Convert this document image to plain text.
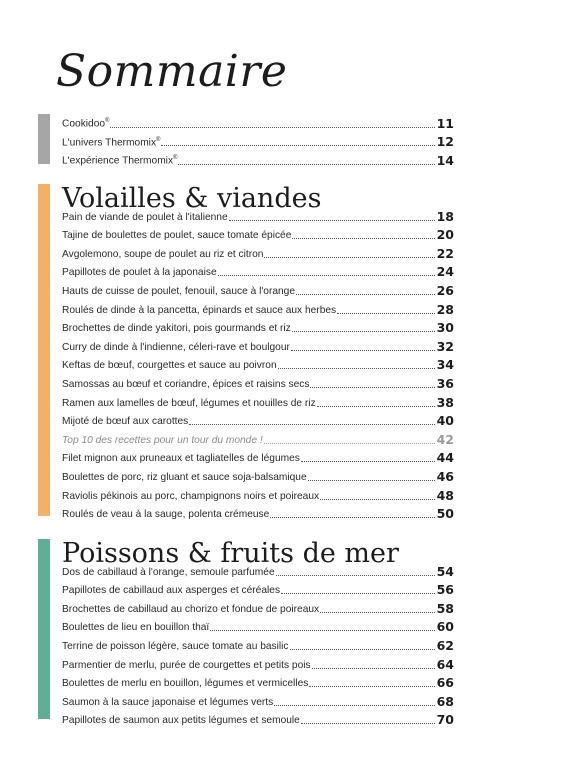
Sommaire
Cookidoo®	11
L'univers Thermomix®	12
L'expérience Thermomix®	14
Volailles & viandes
Pain de viande de poulet à l'italienne	18
Tajine de boulettes de poulet, sauce tomate épicée	20
Avgolemono, soupe de poulet au riz et citron	22
Papillotes de poulet à la japonaise	24
Hauts de cuisse de poulet, fenouil, sauce à l'orange	26
Roulés de dinde à la pancetta, épinards et sauce aux herbes	28
Brochettes de dinde yakitori, pois gourmands et riz	30
Curry de dinde à l'indienne, céleri-rave et boulgour	32
Keftas de bœuf, courgettes et sauce au poivron	34
Samossas au bœuf et coriandre, épices et raisins secs	36
Ramen aux lamelles de bœuf, légumes et nouilles de riz	38
Mijoté de bœuf aux carottes	40
Top 10 des recettes pour un tour du monde !	42
Filet mignon aux pruneaux et tagliatelles de légumes	44
Boulettes de porc, riz gluant et sauce soja-balsamique	46
Raviolis pékinois au porc, champignons noirs et poireaux	48
Roulés de veau à la sauge, polenta crémeuse	50
Poissons & fruits de mer
Dos de cabillaud à l'orange, semoule parfumée	54
Papillotes de cabillaud aux asperges et céréales	56
Brochettes de cabillaud au chorizo et fondue de poireaux	58
Boulettes de lieu en bouillon thaï	60
Terrine de poisson légère, sauce tomate au basilic	62
Parmentier de merlu, purée de courgettes et petits pois	64
Boulettes de merlu en bouillon, légumes et vermicelles	66
Saumon à la sauce japonaise et légumes verts	68
Papillotes de saumon aux petits légumes et semoule	70
